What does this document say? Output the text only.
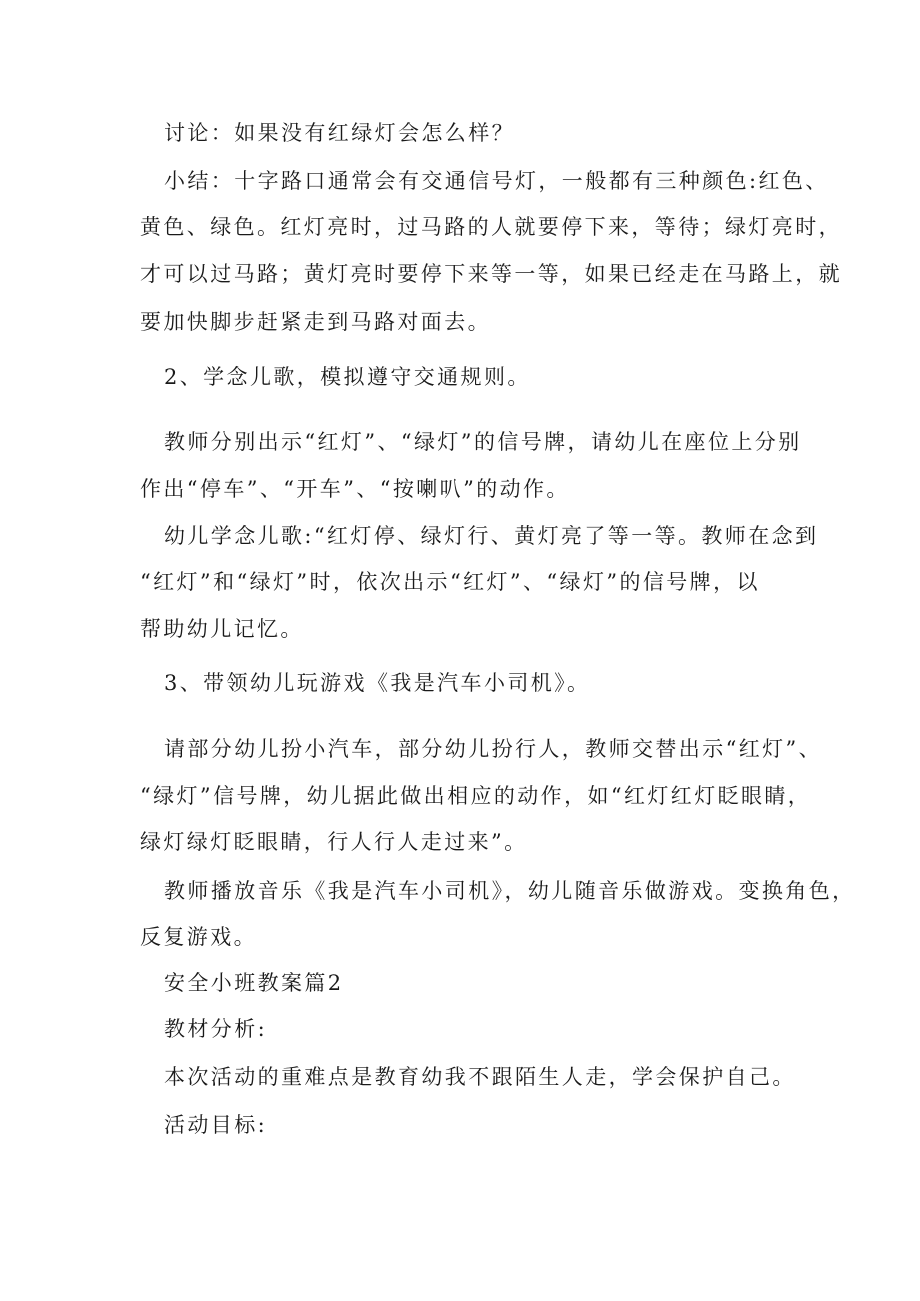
讨论：如果没有红绿灯会怎么样？

小结：十字路口通常会有交通信号灯，一般都有三种颜色:红色、

黄色、绿色。红灯亮时，过马路的人就要停下来，等待；绿灯亮时，

才可以过马路；黄灯亮时要停下来等一等，如果已经走在马路上，就

要加快脚步赶紧走到马路对面去。

2、学念儿歌，模拟遵守交通规则。

教师分别出示“红灯”、“绿灯”的信号牌，请幼儿在座位上分别

作出“停车”、“开车”、“按喇叭”的动作。

幼儿学念儿歌:“红灯停、绿灯行、黄灯亮了等一等。教师在念到

“红灯”和“绿灯”时，依次出示“红灯”、“绿灯”的信号牌，以

帮助幼儿记忆。

3、带领幼儿玩游戏《我是汽车小司机》。

请部分幼儿扮小汽车，部分幼儿扮行人，教师交替出示“红灯”、

“绿灯”信号牌，幼儿据此做出相应的动作，如“红灯红灯眨眼睛，

绿灯绿灯眨眼睛，行人行人走过来”。

教师播放音乐《我是汽车小司机》，幼儿随音乐做游戏。变换角色，

反复游戏。

安全小班教案篇2

教材分析:

本次活动的重难点是教育幼我不跟陌生人走，学会保护自己。

活动目标:
